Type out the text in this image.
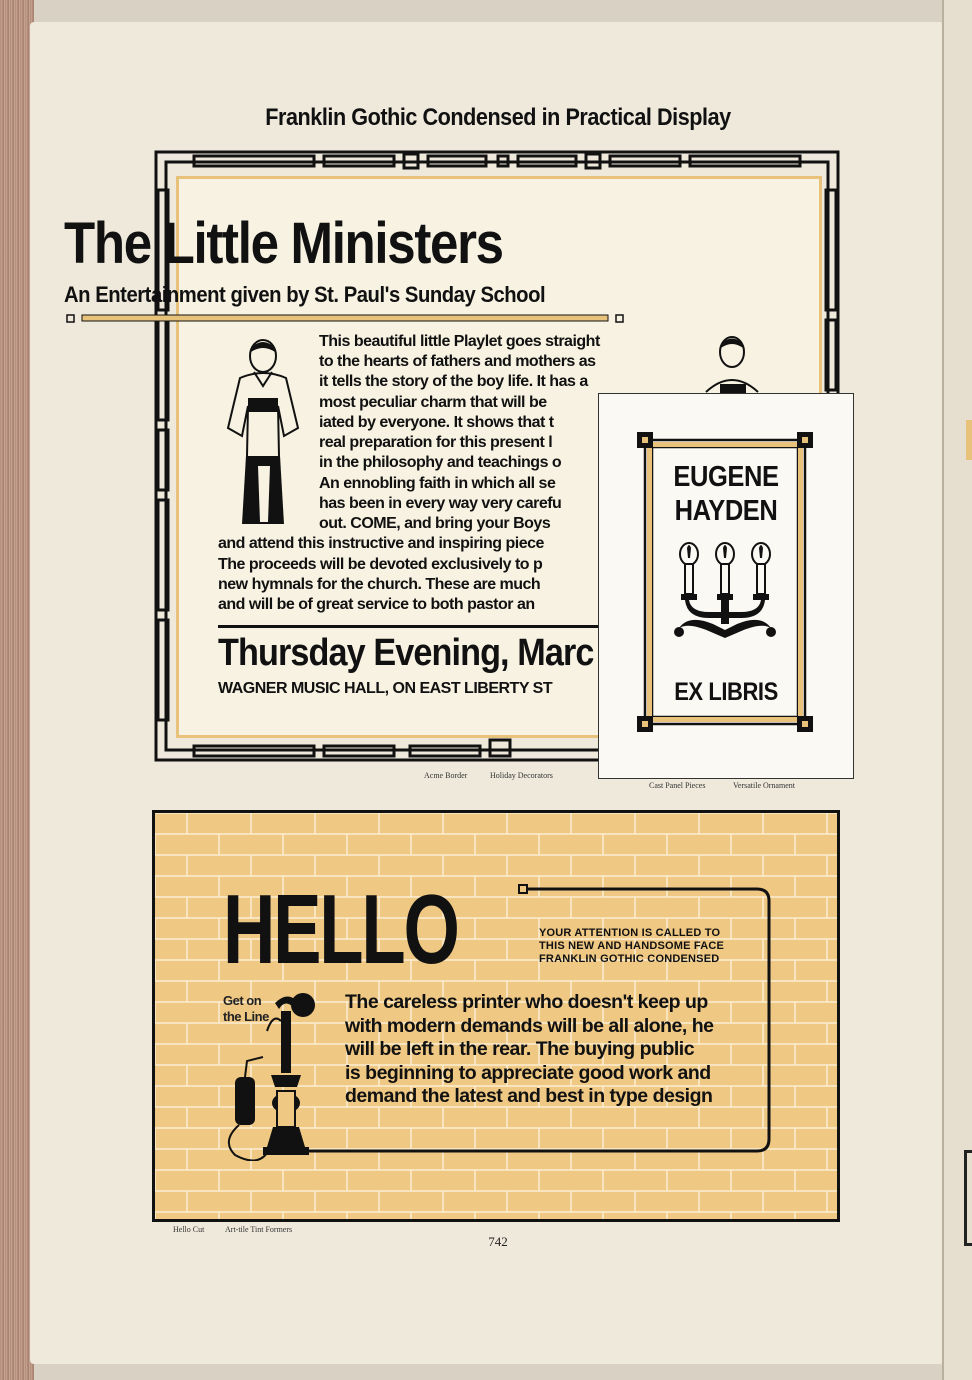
Franklin Gothic Condensed in Practical Display
The Little Ministers
An Entertainment given by St. Paul's Sunday School
This beautiful little Playlet goes straight
to the hearts of fathers and mothers as
it tells the story of the boy life. It has a
most peculiar charm that will be
iated by everyone. It shows that t
real preparation for this present l
in the philosophy and teachings o
An ennobling faith in which all se
has been in every way very carefu
out. COME, and bring your Boys
and attend this instructive and inspiring piece
The proceeds will be devoted exclusively to p
new hymnals for the church. These are much
and will be of great service to both pastor an
Thursday Evening, Marc
WAGNER MUSIC HALL, ON EAST LIBERTY ST
Acme Border	Holiday Decorators
EUGENE
HAYDEN
EX LIBRIS
Cast Panel Pieces	Versatile Ornament
HELLO	YOUR ATTENTION IS CALLED TO
THIS NEW AND HANDSOME FACE
FRANKLIN GOTHIC CONDENSED
Get on
the Line
The careless printer who doesn't keep up
with modern demands will be all alone, he
will be left in the rear. The buying public
is beginning to appreciate good work and
demand the latest and best in type design
Hello Cut	Art-tile Tint Formers
742
